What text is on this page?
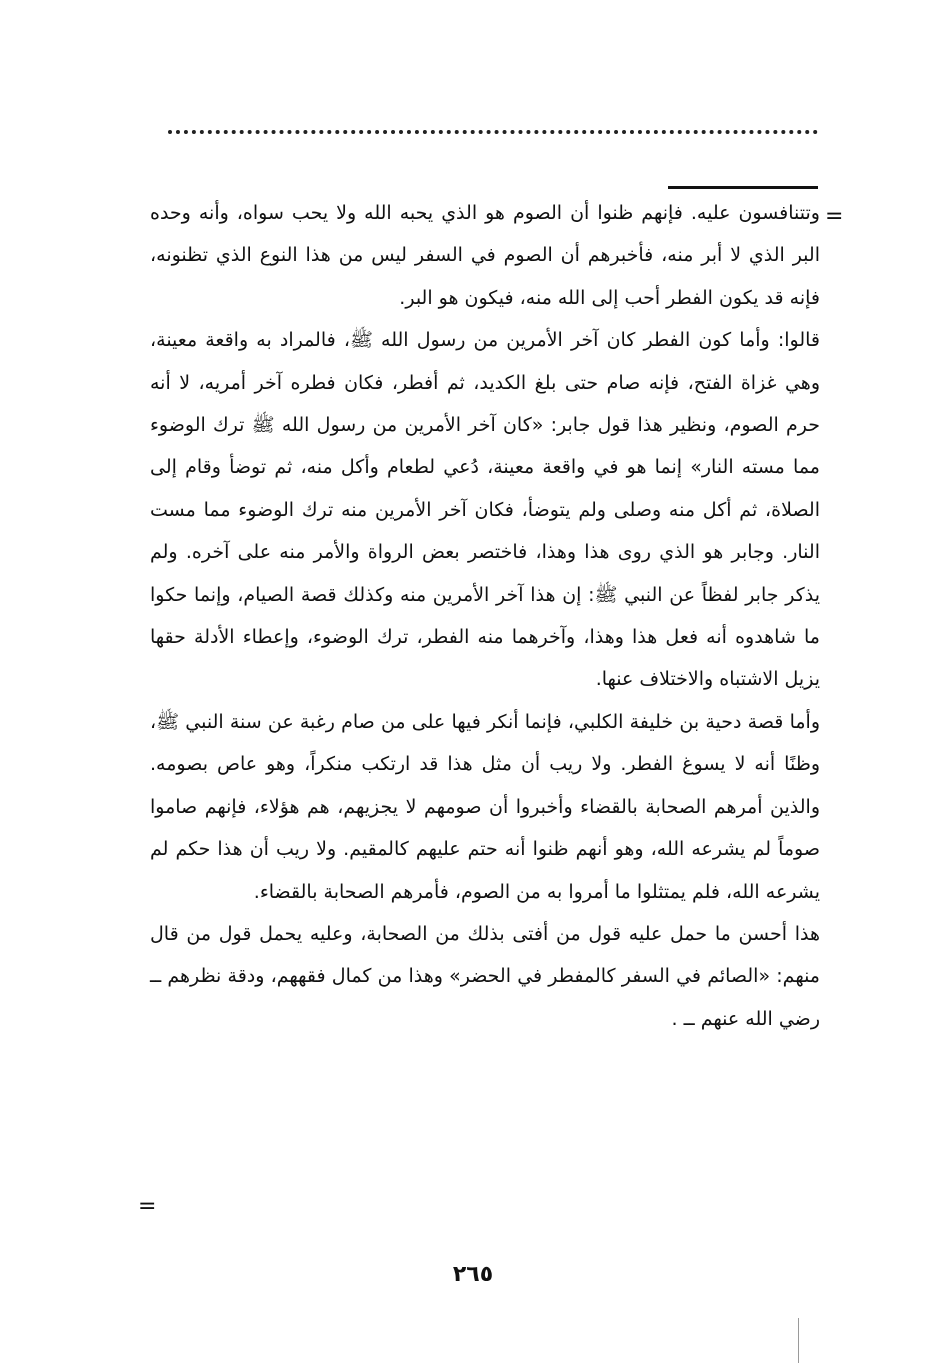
=

وتتنافسون عليه. فإنهم ظنوا أن الصوم هو الذي يحبه الله ولا يحب سواه، وأنه وحده البر الذي لا أبر منه، فأخبرهم أن الصوم في السفر ليس من هذا النوع الذي تظنونه، فإنه قد يكون الفطر أحب إلى الله منه، فيكون هو البر.

قالوا: وأما كون الفطر كان آخر الأمرين من رسول الله ﷺ، فالمراد به واقعة معينة، وهي غزاة الفتح، فإنه صام حتى بلغ الكديد، ثم أفطر، فكان فطره آخر أمريه، لا أنه حرم الصوم، ونظير هذا قول جابر: «كان آخر الأمرين من رسول الله ﷺ ترك الوضوء مما مسته النار» إنما هو في واقعة معينة، دُعي لطعام وأكل منه، ثم توضأ وقام إلى الصلاة، ثم أكل منه وصلى ولم يتوضأ، فكان آخر الأمرين منه ترك الوضوء مما مست النار. وجابر هو الذي روى هذا وهذا، فاختصر بعض الرواة والأمر منه على آخره. ولم يذكر جابر لفظاً عن النبي ﷺ: إن هذا آخر الأمرين منه وكذلك قصة الصيام، وإنما حكوا ما شاهدوه أنه فعل هذا وهذا، وآخرهما منه الفطر، ترك الوضوء، وإعطاء الأدلة حقها يزيل الاشتباه والاختلاف عنها.

وأما قصة دحية بن خليفة الكلبي، فإنما أنكر فيها على من صام رغبة عن سنة النبي ﷺ، وظنًا أنه لا يسوغ الفطر. ولا ريب أن مثل هذا قد ارتكب منكراً، وهو عاص بصومه. والذين أمرهم الصحابة بالقضاء وأخبروا أن صومهم لا يجزيهم، هم هؤلاء، فإنهم صاموا صوماً لم يشرعه الله، وهو أنهم ظنوا أنه حتم عليهم كالمقيم. ولا ريب أن هذا حكم لم يشرعه الله، فلم يمتثلوا ما أمروا به من الصوم، فأمرهم الصحابة بالقضاء.

هذا أحسن ما حمل عليه قول من أفتى بذلك من الصحابة، وعليه يحمل قول من قال منهم: «الصائم في السفر كالمفطر في الحضر» وهذا من كمال فقههم، ودقة نظرهم ــ رضي الله عنهم ــ .

=
٢٦٥
